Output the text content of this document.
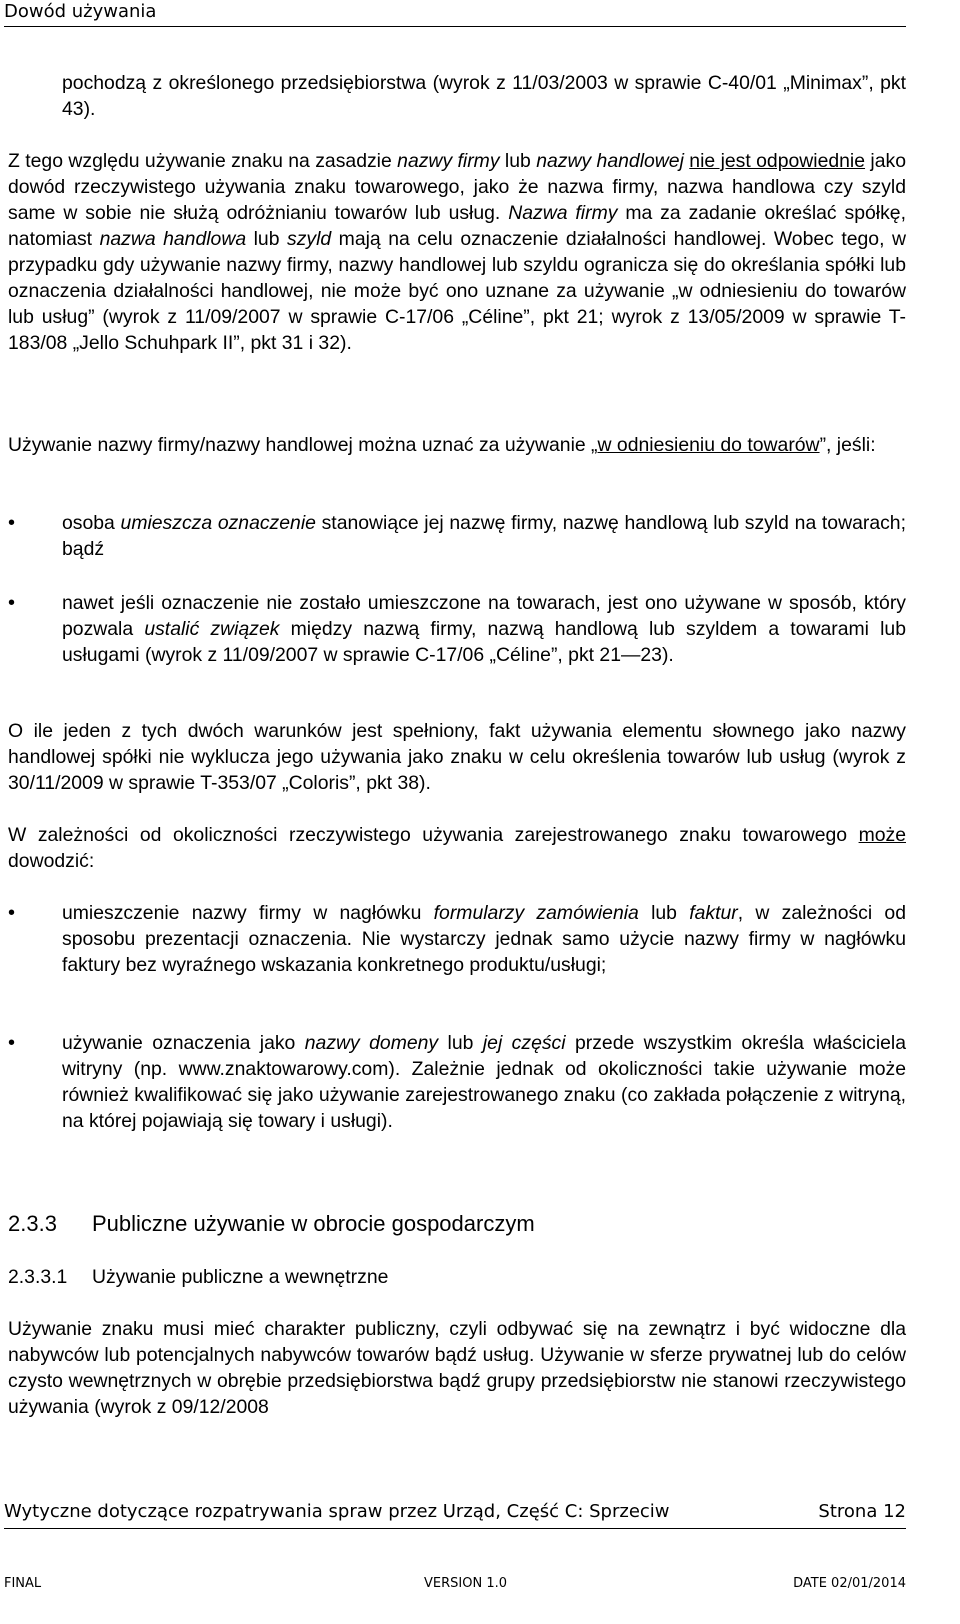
Dowód używania

pochodzą z określonego przedsiębiorstwa (wyrok z 11/03/2003 w sprawie C-40/01 „Minimax”, pkt 43).

Z tego względu używanie znaku na zasadzie nazwy firmy lub nazwy handlowej nie jest odpowiednie jako dowód rzeczywistego używania znaku towarowego, jako że nazwa firmy, nazwa handlowa czy szyld same w sobie nie służą odróżnianiu towarów lub usług. Nazwa firmy ma za zadanie określać spółkę, natomiast nazwa handlowa lub szyld mają na celu oznaczenie działalności handlowej. Wobec tego, w przypadku gdy używanie nazwy firmy, nazwy handlowej lub szyldu ogranicza się do określania spółki lub oznaczenia działalności handlowej, nie może być ono uznane za używanie „w odniesieniu do towarów lub usług” (wyrok z 11/09/2007 w sprawie C-17/06 „Céline”, pkt 21; wyrok z 13/05/2009 w sprawie T-183/08 „Jello Schuhpark II”, pkt 31 i 32).

Używanie nazwy firmy/nazwy handlowej można uznać za używanie „w odniesieniu do towarów”, jeśli:

•	osoba umieszcza oznaczenie stanowiące jej nazwę firmy, nazwę handlową lub szyld na towarach; bądź

•	nawet jeśli oznaczenie nie zostało umieszczone na towarach, jest ono używane w sposób, który pozwala ustalić związek między nazwą firmy, nazwą handlową lub szyldem a towarami lub usługami (wyrok z 11/09/2007 w sprawie C-17/06 „Céline”, pkt 21—23).

O ile jeden z tych dwóch warunków jest spełniony, fakt używania elementu słownego jako nazwy handlowej spółki nie wyklucza jego używania jako znaku w celu określenia towarów lub usług (wyrok z 30/11/2009 w sprawie T-353/07 „Coloris”, pkt 38).

W zależności od okoliczności rzeczywistego używania zarejestrowanego znaku towarowego może dowodzić:

•	umieszczenie nazwy firmy w nagłówku formularzy zamówienia lub faktur, w zależności od sposobu prezentacji oznaczenia. Nie wystarczy jednak samo użycie nazwy firmy w nagłówku faktury bez wyraźnego wskazania konkretnego produktu/usługi;

•	używanie oznaczenia jako nazwy domeny lub jej części przede wszystkim określa właściciela witryny (np. www.znaktowarowy.com). Zależnie jednak od okoliczności takie używanie może również kwalifikować się jako używanie zarejestrowanego znaku (co zakłada połączenie z witryną, na której pojawiają się towary i usługi).

2.3.3 Publiczne używanie w obrocie gospodarczym
2.3.3.1 Używanie publiczne a wewnętrzne

Używanie znaku musi mieć charakter publiczny, czyli odbywać się na zewnątrz i być widoczne dla nabywców lub potencjalnych nabywców towarów bądź usług. Używanie w sferze prywatnej lub do celów czysto wewnętrznych w obrębie przedsiębiorstwa bądź grupy przedsiębiorstw nie stanowi rzeczywistego używania (wyrok z 09/12/2008

Wytyczne dotyczące rozpatrywania spraw przez Urząd, Część C: Sprzeciw	Strona 12
FINAL	VERSION 1.0	DATE 02/01/2014
